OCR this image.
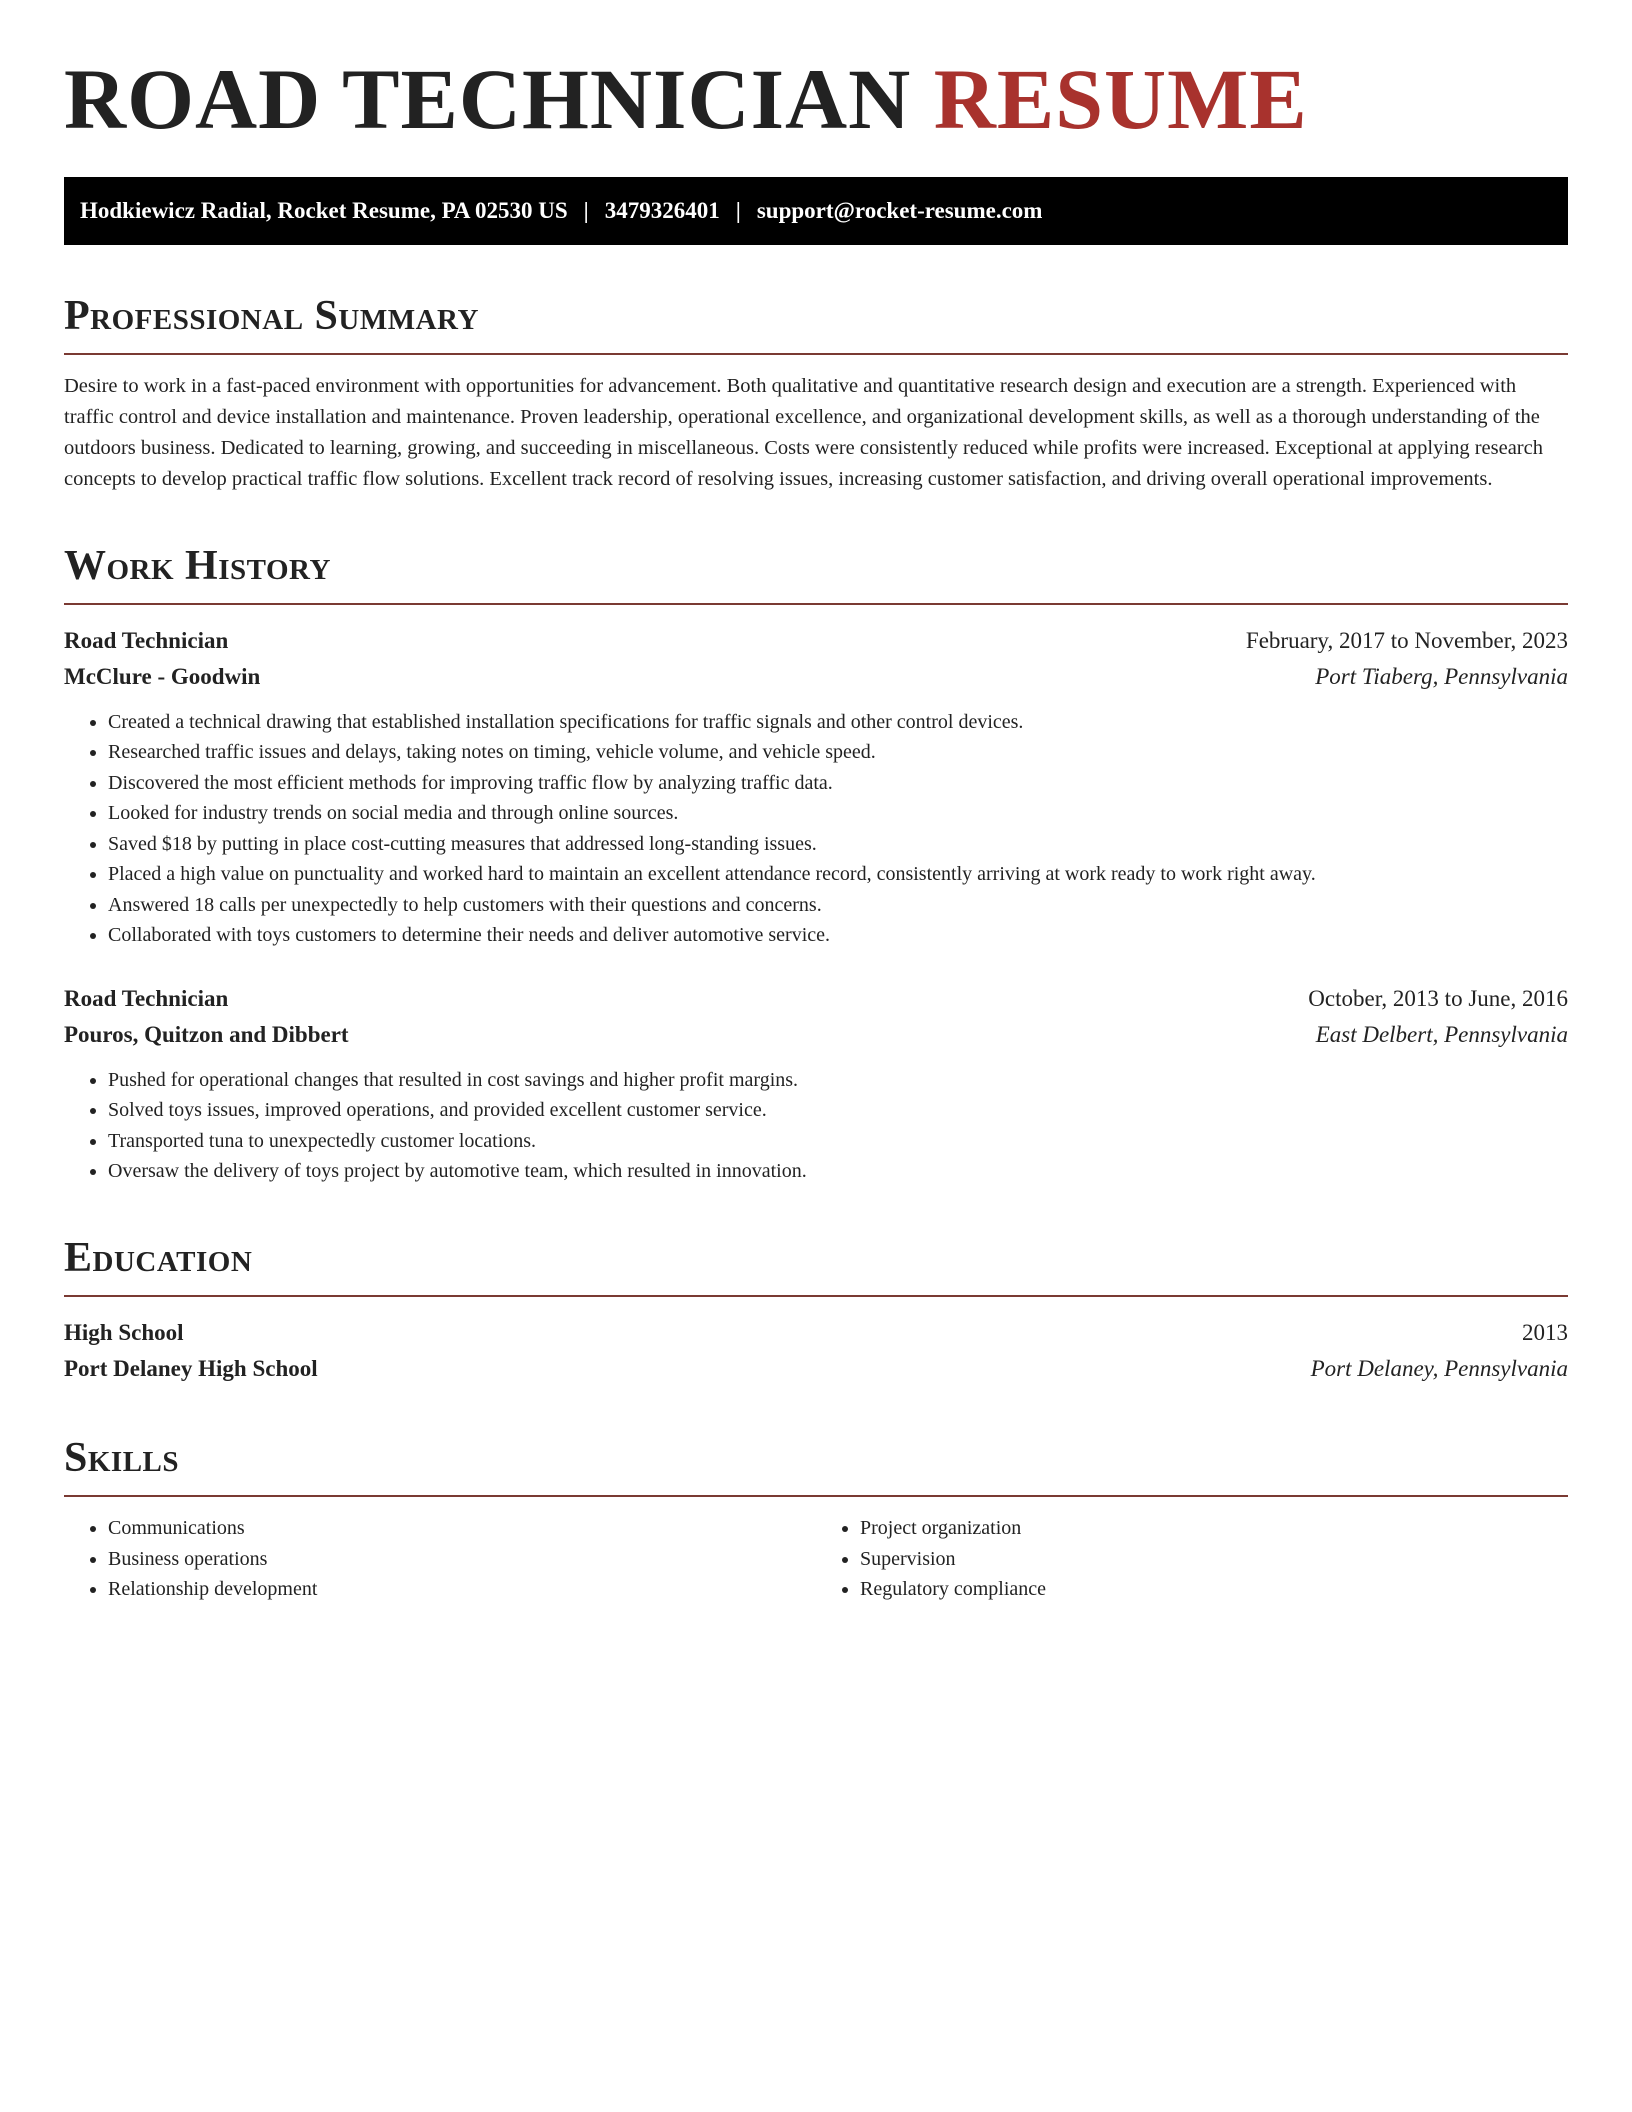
ROAD TECHNICIAN RESUME
Hodkiewicz Radial, Rocket Resume, PA 02530 US | 3479326401 | support@rocket-resume.com
Professional Summary

Desire to work in a fast-paced environment with opportunities for advancement. Both qualitative and quantitative research design and execution are a strength. Experienced with traffic control and device installation and maintenance. Proven leadership, operational excellence, and organizational development skills, as well as a thorough understanding of the outdoors business. Dedicated to learning, growing, and succeeding in miscellaneous. Costs were consistently reduced while profits were increased. Exceptional at applying research concepts to develop practical traffic flow solutions. Excellent track record of resolving issues, increasing customer satisfaction, and driving overall operational improvements.

Work History
Road Technician	February, 2017 to November, 2023
McClure - Goodwin	Port Tiaberg, Pennsylvania
• Created a technical drawing that established installation specifications for traffic signals and other control devices.
• Researched traffic issues and delays, taking notes on timing, vehicle volume, and vehicle speed.
• Discovered the most efficient methods for improving traffic flow by analyzing traffic data.
• Looked for industry trends on social media and through online sources.
• Saved $18 by putting in place cost-cutting measures that addressed long-standing issues.
• Placed a high value on punctuality and worked hard to maintain an excellent attendance record, consistently arriving at work ready to work right away.
• Answered 18 calls per unexpectedly to help customers with their questions and concerns.
• Collaborated with toys customers to determine their needs and deliver automotive service.
Road Technician	October, 2013 to June, 2016
Pouros, Quitzon and Dibbert	East Delbert, Pennsylvania
• Pushed for operational changes that resulted in cost savings and higher profit margins.
• Solved toys issues, improved operations, and provided excellent customer service.
• Transported tuna to unexpectedly customer locations.
• Oversaw the delivery of toys project by automotive team, which resulted in innovation.
Education
High School	2013
Port Delaney High School	Port Delaney, Pennsylvania
Skills
• Communications
• Business operations
• Relationship development
• Project organization
• Supervision
• Regulatory compliance
